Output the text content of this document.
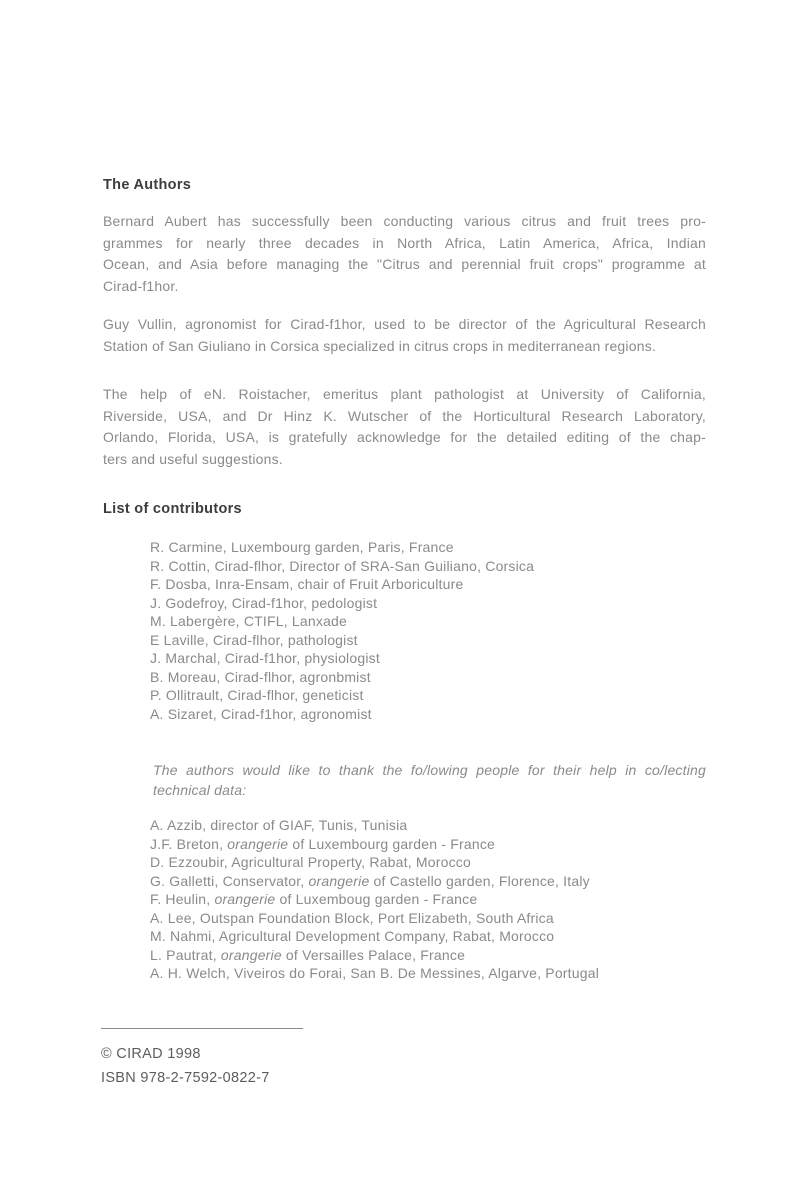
The Authors
Bernard Aubert has successfully been conducting various citrus and fruit trees pro-
grammes for nearly three decades in North Africa, Latin America, Africa, Indian
Ocean, and Asia before managing the "Citrus and perennial fruit crops" programme at
Cirad-f1hor.
Guy Vullin, agronomist for Cirad-f1hor, used to be director of the Agricultural Research
Station of San Giuliano in Corsica specialized in citrus crops in mediterranean regions.
The help of eN. Roistacher, emeritus plant pathologist at University of California,
Riverside, USA, and Dr Hinz K. Wutscher of the Horticultural Research Laboratory,
Orlando, Florida, USA, is gratefully acknowledge for the detailed editing of the chap-
ters and useful suggestions.
List of contributors
R. Carmine, Luxembourg garden, Paris, France
R. Cottin, Cirad-flhor, Director of SRA-San Guiliano, Corsica
F. Dosba, Inra-Ensam, chair of Fruit Arboriculture
J. Godefroy, Cirad-f1hor, pedologist
M. Labergère, CTIFL, Lanxade
E Laville, Cirad-flhor, pathologist
J. Marchal, Cirad-f1hor, physiologist
B. Moreau, Cirad-flhor, agronbmist
P. Ollitrault, Cirad-flhor, geneticist
A. Sizaret, Cirad-f1hor, agronomist
The authors would like to thank the fo/lowing people for their help in co/lecting
technical data:
A. Azzib, director of GIAF, Tunis, Tunisia
J.F. Breton, orangerie of Luxembourg garden - France
D. Ezzoubir, Agricultural Property, Rabat, Morocco
G. Galletti, Conservator, orangerie of Castello garden, Florence, Italy
F. Heulin, orangerie of Luxemboug garden - France
A. Lee, Outspan Foundation Block, Port Elizabeth, South Africa
M. Nahmi, Agricultural Development Company, Rabat, Morocco
L. Pautrat, orangerie of Versailles Palace, France
A. H. Welch, Viveiros do Forai, San B. De Messines, Algarve, Portugal
© CIRAD 1998
ISBN 978-2-7592-0822-7
